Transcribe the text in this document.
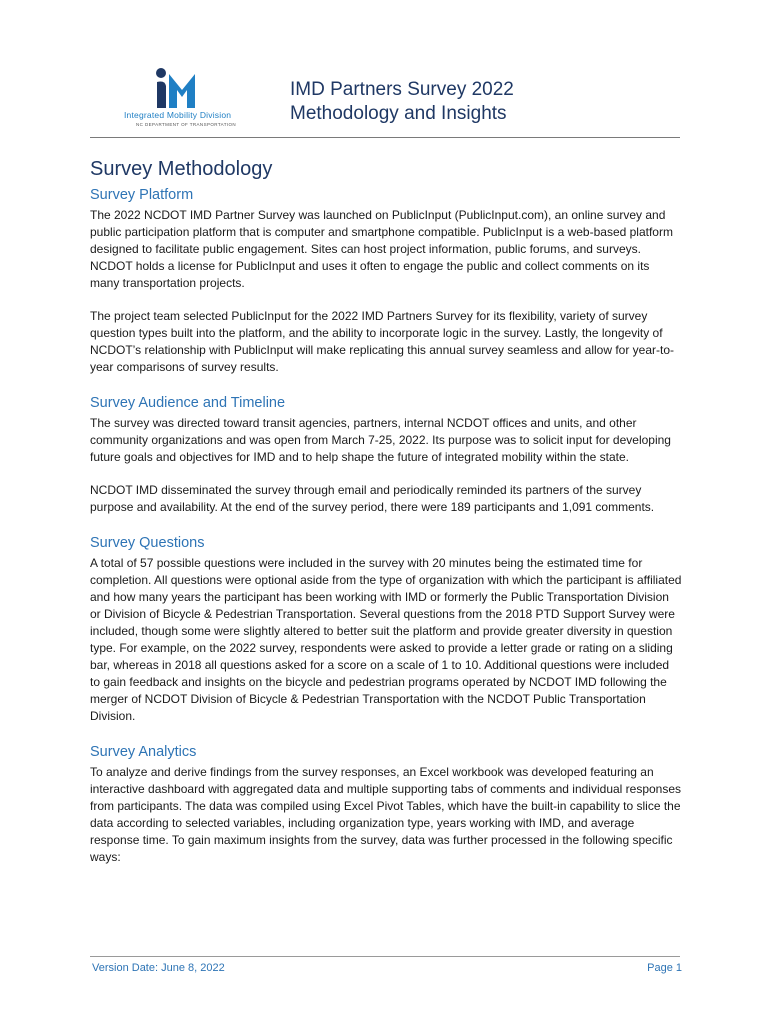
Integrated Mobility Division
NC DEPARTMENT OF TRANSPORTATION
IMD Partners Survey 2022
Methodology and Insights
Survey Methodology
Survey Platform

The 2022 NCDOT IMD Partner Survey was launched on PublicInput (PublicInput.com), an online survey and public participation platform that is computer and smartphone compatible. PublicInput is a web-based platform designed to facilitate public engagement. Sites can host project information, public forums, and surveys. NCDOT holds a license for PublicInput and uses it often to engage the public and collect comments on its many transportation projects.

The project team selected PublicInput for the 2022 IMD Partners Survey for its flexibility, variety of survey question types built into the platform, and the ability to incorporate logic in the survey. Lastly, the longevity of NCDOT’s relationship with PublicInput will make replicating this annual survey seamless and allow for year-to-year comparisons of survey results.

Survey Audience and Timeline

The survey was directed toward transit agencies, partners, internal NCDOT offices and units, and other community organizations and was open from March 7-25, 2022. Its purpose was to solicit input for developing future goals and objectives for IMD and to help shape the future of integrated mobility within the state.

NCDOT IMD disseminated the survey through email and periodically reminded its partners of the survey purpose and availability. At the end of the survey period, there were 189 participants and 1,091 comments.

Survey Questions

A total of 57 possible questions were included in the survey with 20 minutes being the estimated time for completion. All questions were optional aside from the type of organization with which the participant is affiliated and how many years the participant has been working with IMD or formerly the Public Transportation Division or Division of Bicycle & Pedestrian Transportation. Several questions from the 2018 PTD Support Survey were included, though some were slightly altered to better suit the platform and provide greater diversity in question type. For example, on the 2022 survey, respondents were asked to provide a letter grade or rating on a sliding bar, whereas in 2018 all questions asked for a score on a scale of 1 to 10. Additional questions were included to gain feedback and insights on the bicycle and pedestrian programs operated by NCDOT IMD following the merger of NCDOT Division of Bicycle & Pedestrian Transportation with the NCDOT Public Transportation Division.

Survey Analytics

To analyze and derive findings from the survey responses, an Excel workbook was developed featuring an interactive dashboard with aggregated data and multiple supporting tabs of comments and individual responses from participants. The data was compiled using Excel Pivot Tables, which have the built-in capability to slice the data according to selected variables, including organization type, years working with IMD, and average response time. To gain maximum insights from the survey, data was further processed in the following specific ways:

Version Date: June 8, 2022	Page 1
